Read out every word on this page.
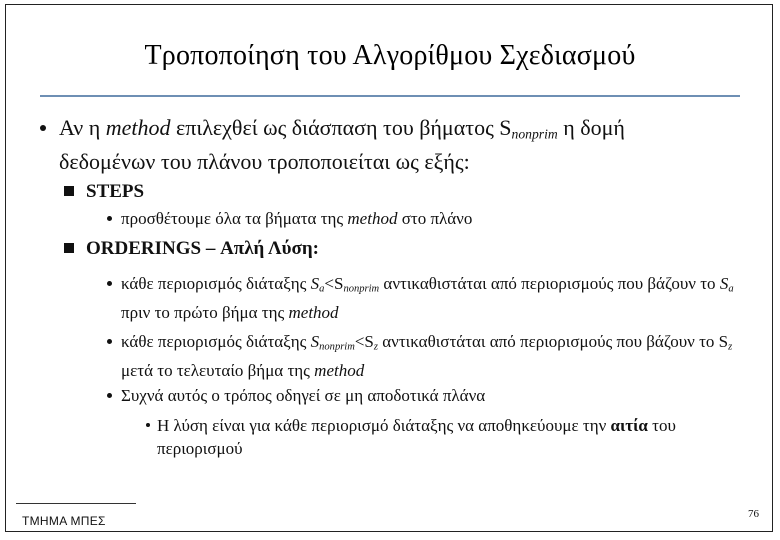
Τροποποίηση του Αλγορίθμου Σχεδιασμού
Αν η method επιλεχθεί ως διάσπαση του βήματος $S_{nonprim}$ η δομή δεδομένων του πλάνου τροποποιείται ως εξής:
STEPS
προσθέτουμε όλα τα βήματα της method στο πλάνο
ORDERINGS – Απλή Λύση:
κάθε περιορισμός διάταξης $S_a<S_{nonprim}$ αντικαθιστάται από περιορισμούς που βάζουν το $S_a$ πριν το πρώτο βήμα της method
κάθε περιορισμός διάταξης $S_{nonprim}<S_z$ αντικαθιστάται από περιορισμούς που βάζουν το $S_z$ μετά το τελευταίο βήμα της method
Συχνά αυτός ο τρόπος οδηγεί σε μη αποδοτικά πλάνα
Η λύση είναι για κάθε περιορισμό διάταξης να αποθηκεύουμε την αιτία του περιορισμού
ΤΜΗΜΑ ΜΠΕΣ	76
